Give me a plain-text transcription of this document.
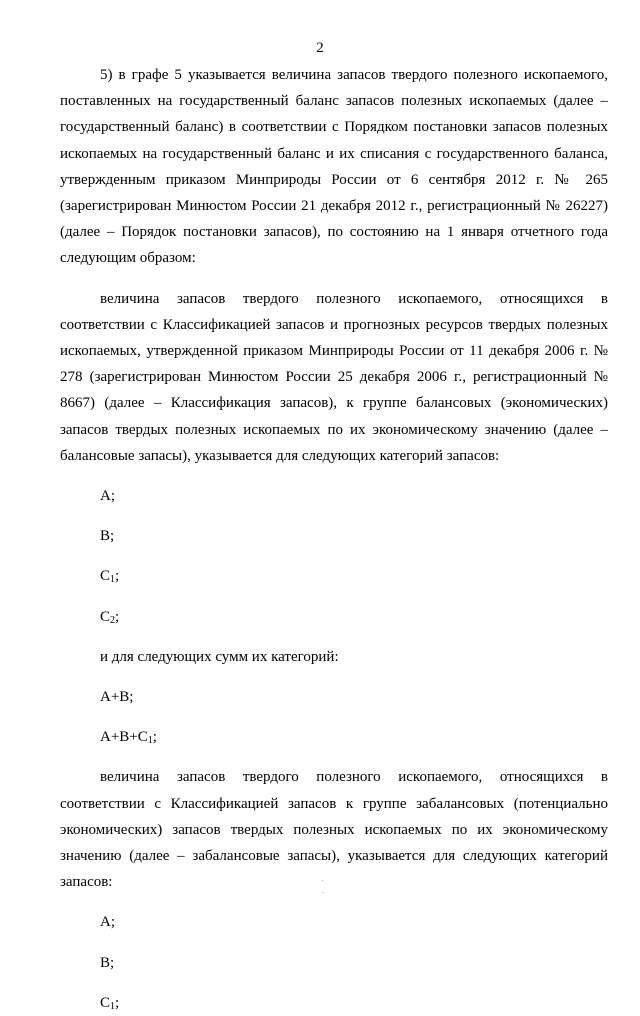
2

5) в графе 5 указывается величина запасов твердого полезного ископаемого, поставленных на государственный баланс запасов полезных ископаемых (далее – государственный баланс) в соответствии с Порядком постановки запасов полезных ископаемых на государственный баланс и их списания с государственного баланса, утвержденным приказом Минприроды России от 6 сентября 2012 г. № 265 (зарегистрирован Минюстом России 21 декабря 2012 г., регистрационный № 26227) (далее – Порядок постановки запасов), по состоянию на 1 января отчетного года следующим образом:

величина запасов твердого полезного ископаемого, относящихся в соответствии с Классификацией запасов и прогнозных ресурсов твердых полезных ископаемых, утвержденной приказом Минприроды России от 11 декабря 2006 г. № 278 (зарегистрирован Минюстом России 25 декабря 2006 г., регистрационный № 8667) (далее – Классификация запасов), к группе балансовых (экономических) запасов твердых полезных ископаемых по их экономическому значению (далее – балансовые запасы), указывается для следующих категорий запасов:

A;

B;

$C_1$;

$C_2$;

и для следующих сумм их категорий:

A+B;

$A+B+C_1$;

величина запасов твердого полезного ископаемого, относящихся в соответствии с Классификацией запасов к группе забалансовых (потенциально экономических) запасов твердых полезных ископаемых по их экономическому значению (далее – забалансовые запасы), указывается для следующих категорий запасов:

A;

B;

$C_1$;
